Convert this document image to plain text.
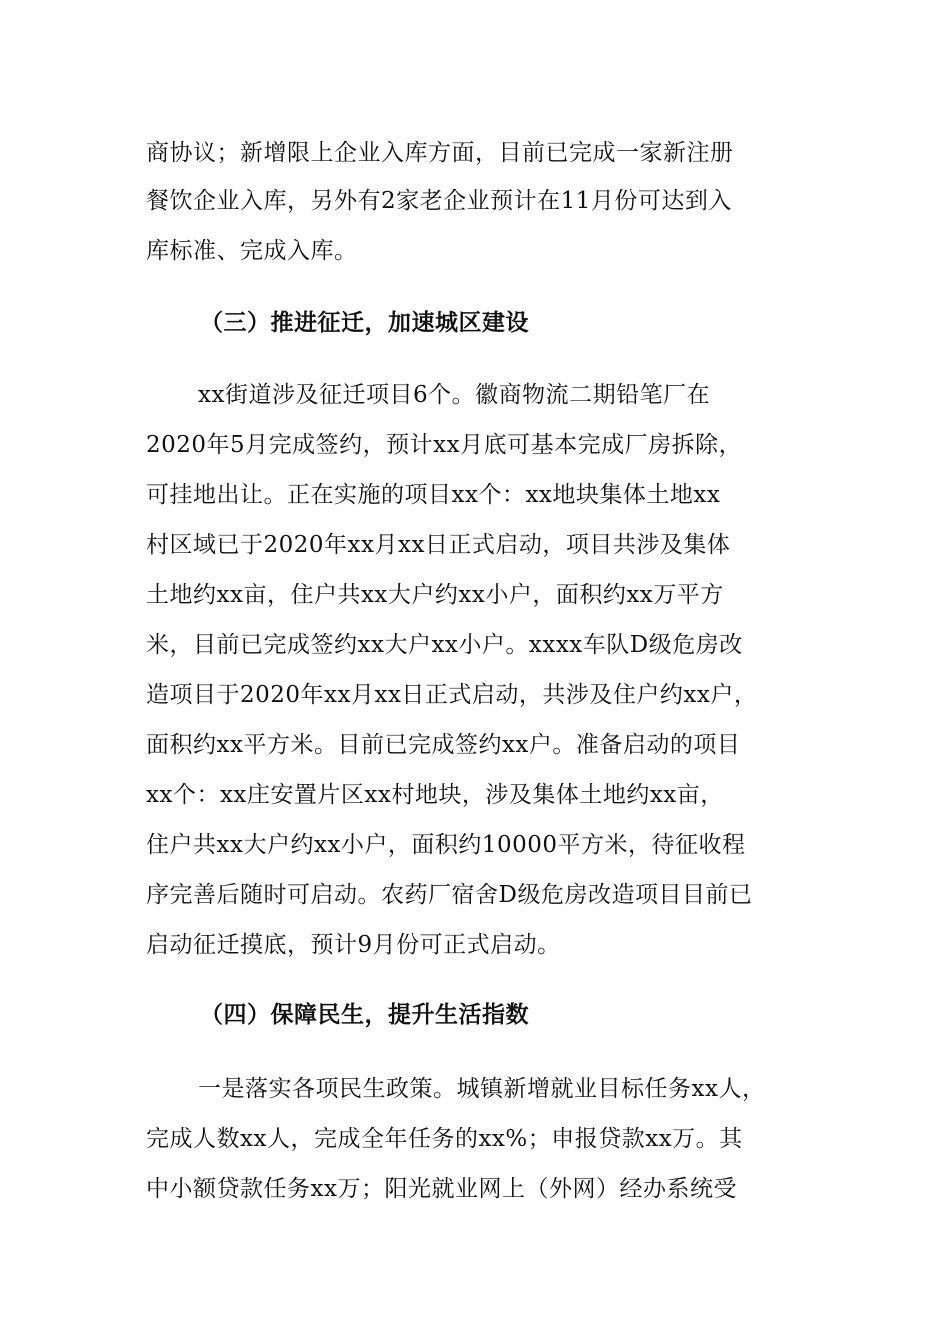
商协议；新增限上企业入库方面，目前已完成一家新注册
餐饮企业入库，另外有2家老企业预计在11月份可达到入
库标准、完成入库。
（三）推进征迁，加速城区建设
xx街道涉及征迁项目6个。徽商物流二期铅笔厂在
2020年5月完成签约，预计xx月底可基本完成厂房拆除，
可挂地出让。正在实施的项目xx个：xx地块集体土地xx
村区域已于2020年xx月xx日正式启动，项目共涉及集体
土地约xx亩，住户共xx大户约xx小户，面积约xx万平方
米，目前已完成签约xx大户xx小户。xxxx车队D级危房改
造项目于2020年xx月xx日正式启动，共涉及住户约xx户，
面积约xx平方米。目前已完成签约xx户。准备启动的项目
xx个：xx庄安置片区xx村地块，涉及集体土地约xx亩，
住户共xx大户约xx小户，面积约10000平方米，待征收程
序完善后随时可启动。农药厂宿舍D级危房改造项目目前已
启动征迁摸底，预计9月份可正式启动。
（四）保障民生，提升生活指数
一是落实各项民生政策。城镇新增就业目标任务xx人，
完成人数xx人，完成全年任务的xx%；申报贷款xx万。其
中小额贷款任务xx万；阳光就业网上（外网）经办系统受
